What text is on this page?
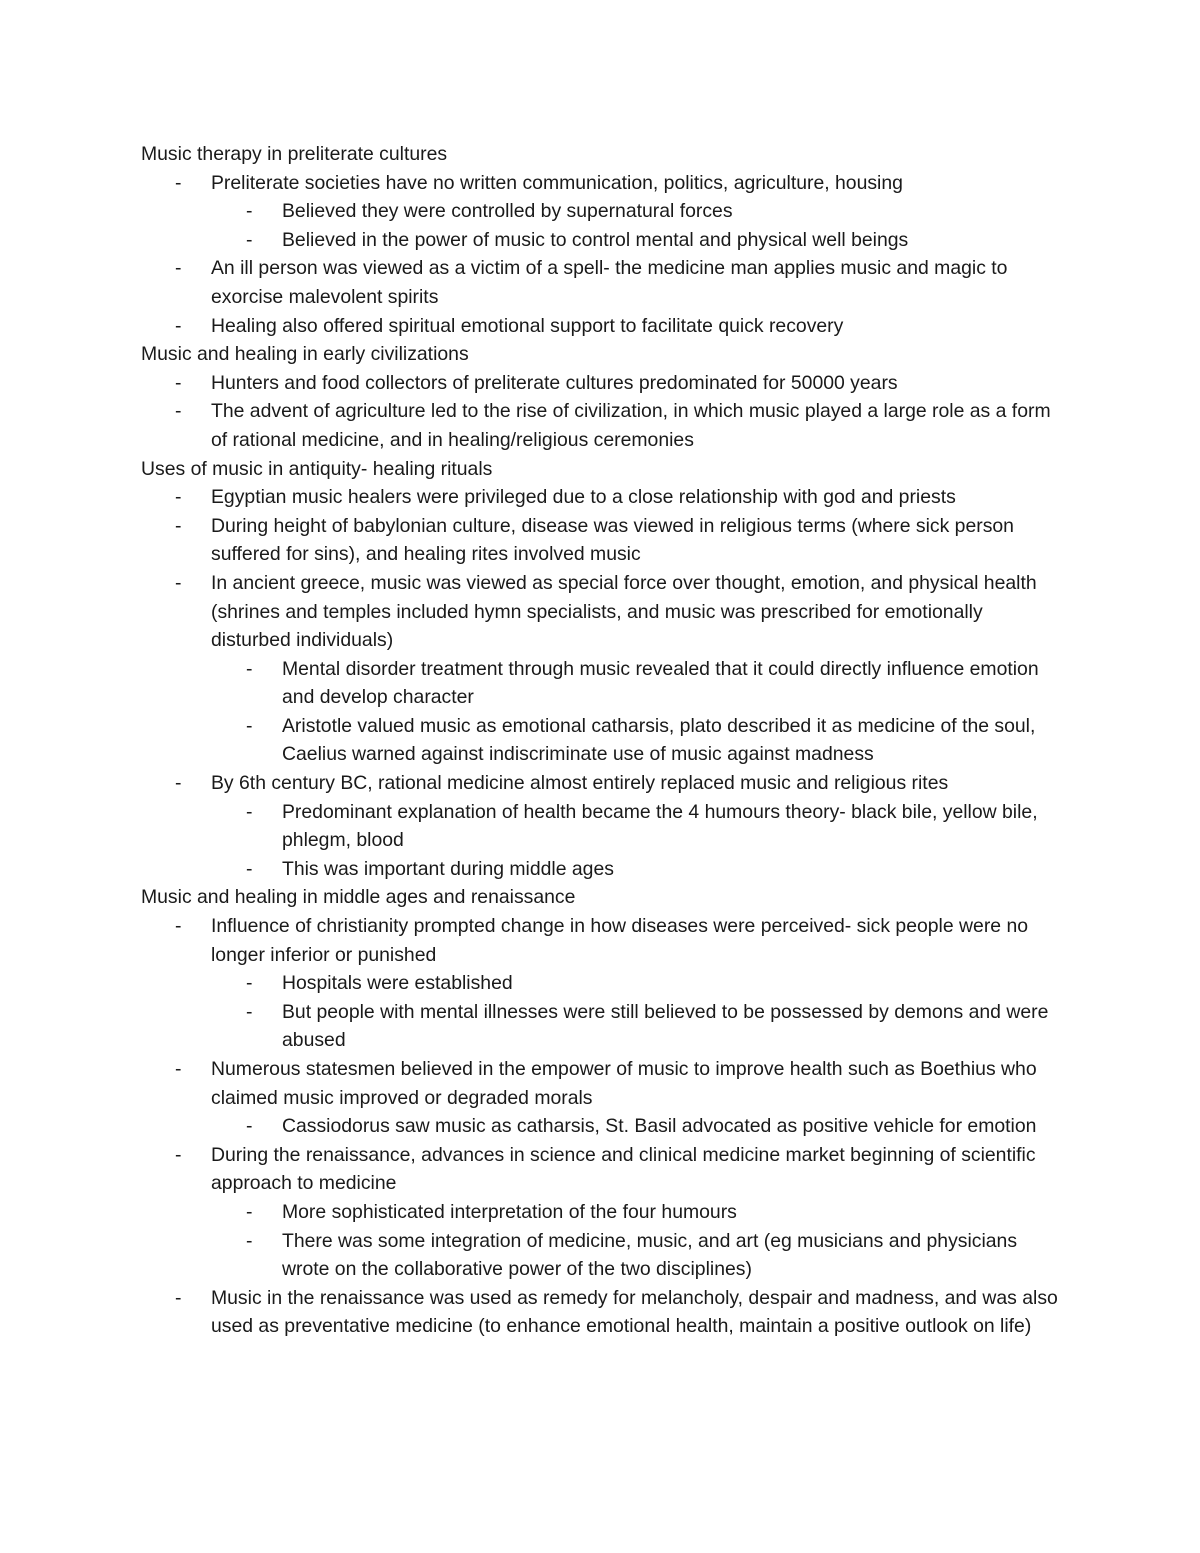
Music therapy in preliterate cultures

- Preliterate societies have no written communication, politics, agriculture, housing
- Believed they were controlled by supernatural forces
- Believed in the power of music to control mental and physical well beings
- An ill person was viewed as a victim of a spell- the medicine man applies music and magic to exorcise malevolent spirits
- Healing also offered spiritual emotional support to facilitate quick recovery

Music and healing in early civilizations

- Hunters and food collectors of preliterate cultures predominated for 50000 years
- The advent of agriculture led to the rise of civilization, in which music played a large role as a form of rational medicine, and in healing/religious ceremonies

Uses of music in antiquity- healing rituals

- Egyptian music healers were privileged due to a close relationship with god and priests
- During height of babylonian culture, disease was viewed in religious terms (where sick person suffered for sins), and healing rites involved music
- In ancient greece, music was viewed as special force over thought, emotion, and physical health (shrines and temples included hymn specialists, and music was prescribed for emotionally disturbed individuals)
- Mental disorder treatment through music revealed that it could directly influence emotion and develop character
- Aristotle valued music as emotional catharsis, plato described it as medicine of the soul, Caelius warned against indiscriminate use of music against madness
- By 6th century BC, rational medicine almost entirely replaced music and religious rites
- Predominant explanation of health became the 4 humours theory- black bile, yellow bile, phlegm, blood
- This was important during middle ages

Music and healing in middle ages and renaissance

- Influence of christianity prompted change in how diseases were perceived- sick people were no longer inferior or punished
- Hospitals were established
- But people with mental illnesses were still believed to be possessed by demons and were abused
- Numerous statesmen believed in the empower of music to improve health such as Boethius who claimed music improved or degraded morals
- Cassiodorus saw music as catharsis, St. Basil advocated as positive vehicle for emotion
- During the renaissance, advances in science and clinical medicine market beginning of scientific approach to medicine
- More sophisticated interpretation of the four humours
- There was some integration of medicine, music, and art (eg musicians and physicians wrote on the collaborative power of the two disciplines)
- Music in the renaissance was used as remedy for melancholy, despair and madness, and was also used as preventative medicine (to enhance emotional health, maintain a positive outlook on life)
